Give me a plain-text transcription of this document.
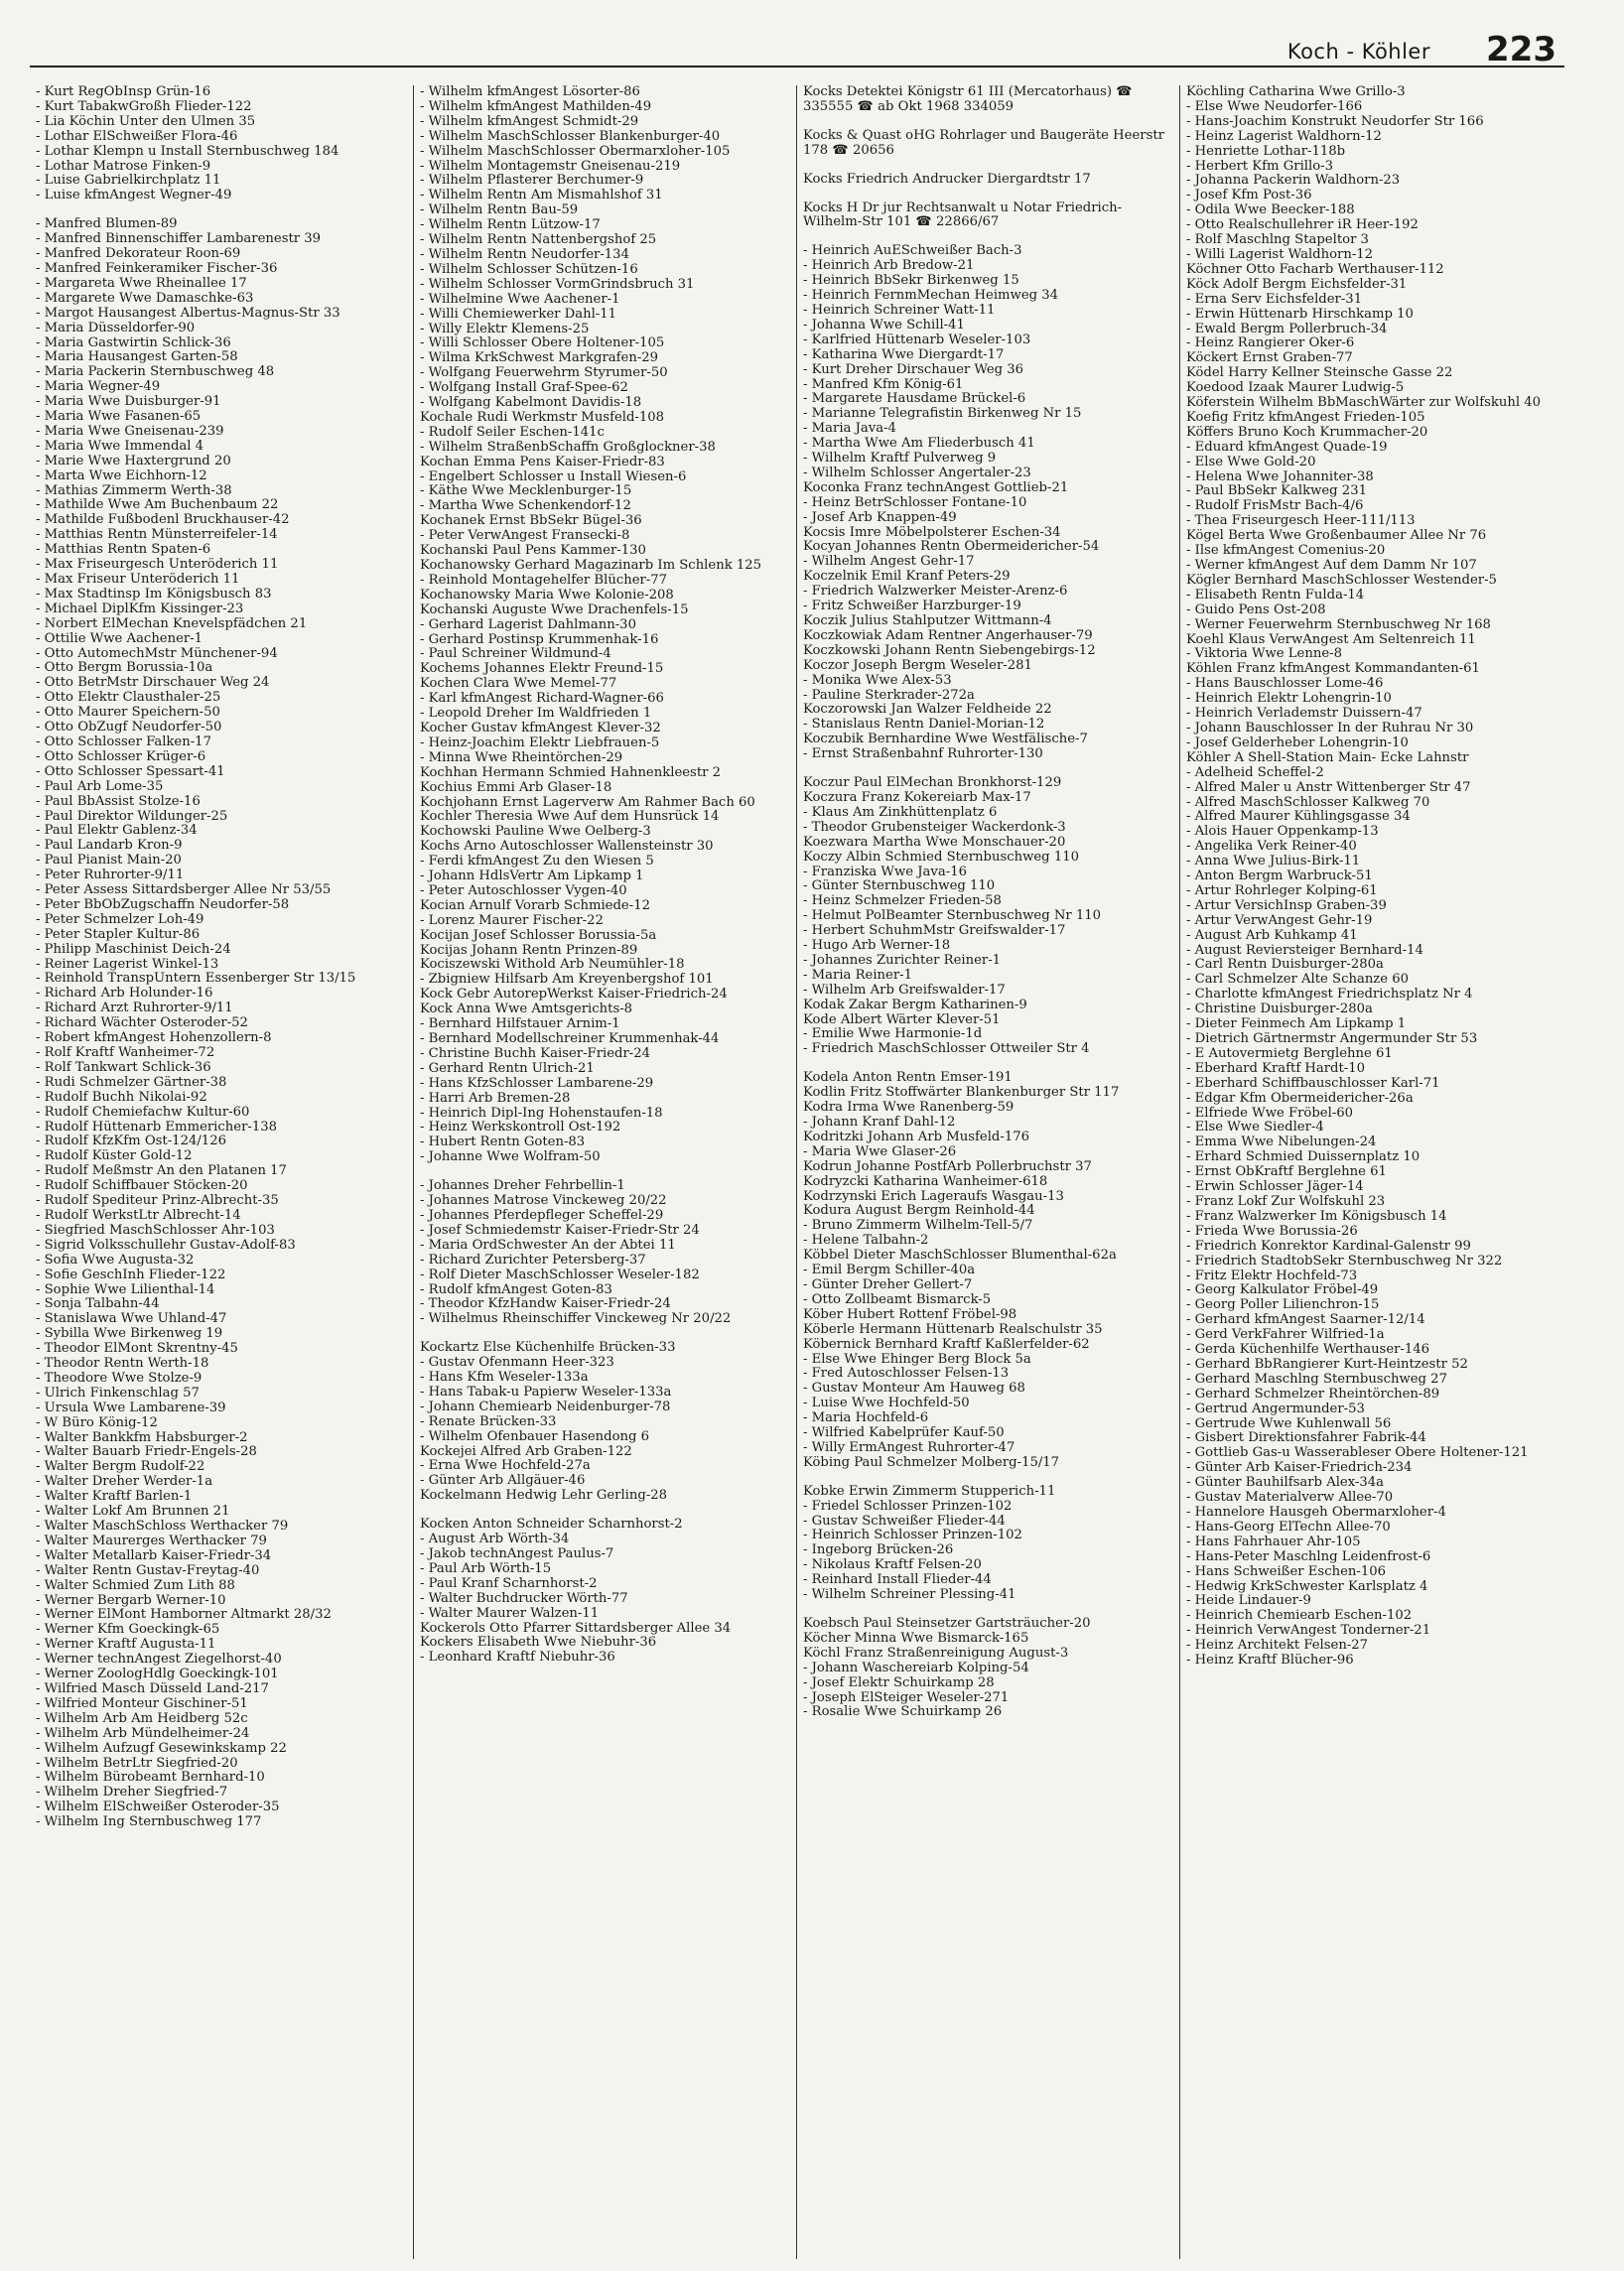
Koch - Köhler 223
- Kurt RegObInsp Grün-16
- Kurt TabakwGroßh Flieder-122
- Lia Köchin Unter den Ulmen 35
- Lothar ElSchweißer Flora-46
- Lothar Klempn u Install Sternbuschweg 184
- Lothar Matrose Finken-9
- Luise Gabrielkirchplatz 11
- Luise kfmAngest Wegner-49
- Manfred Blumen-89
- Manfred Binnenschiffer Lambarenestr 39
- Manfred Dekorateur Roon-69
- Manfred Feinkeramiker Fischer-36
- Margareta Wwe Rheinallee 17
- Margarete Wwe Damaschke-63
- Margot Hausangest Albertus-Magnus-Str 33
- Maria Düsseldorfer-90
- Maria Gastwirtin Schlick-36
- Maria Hausangest Garten-58
- Maria Packerin Sternbuschweg 48
- Maria Wegner-49
- Maria Wwe Duisburger-91
- Maria Wwe Fasanen-65
- Maria Wwe Gneisenau-239
- Maria Wwe Immendal 4
- Marie Wwe Haxtergrund 20
- Marta Wwe Eichhorn-12
- Mathias Zimmerm Werth-38
- Mathilde Wwe Am Buchenbaum 22
- Mathilde Fußbodenl Bruckhauser-42
- Matthias Rentn Münsterreifeler-14
- Matthias Rentn Spaten-6
- Max Friseurgesch Unteröderich 11
- Max Friseur Unteröderich 11
- Max Stadtinsp Im Königsbusch 83
- Michael DiplKfm Kissinger-23
- Norbert ElMechan Knevelspfädchen 21
- Ottilie Wwe Aachener-1
- Otto AutomechMstr Münchener-94
- Otto Bergm Borussia-10a
- Otto BetrMstr Dirschauer Weg 24
- Otto Elektr Clausthaler-25
- Otto Maurer Speichern-50
- Otto ObZugf Neudorfer-50
- Otto Schlosser Falken-17
- Otto Schlosser Krüger-6
- Otto Schlosser Spessart-41
- Paul Arb Lome-35
- Paul BbAssist Stolze-16
- Paul Direktor Wildunger-25
- Paul Elektr Gablenz-34
- Paul Landarb Kron-9
- Paul Pianist Main-20
- Peter Ruhrorter-9/11
- Peter Assess Sittardsberger Allee Nr 53/55
- Peter BbObZugschaffn Neudorfer-58
- Peter Schmelzer Loh-49
- Peter Stapler Kultur-86
- Philipp Maschinist Deich-24
- Reiner Lagerist Winkel-13
- Reinhold TranspUntern Essenberger Str 13/15
- Richard Arb Holunder-16
- Richard Arzt Ruhrorter-9/11
- Richard Wächter Osteroder-52
- Robert kfmAngest Hohenzollern-8
- Rolf Kraftf Wanheimer-72
- Rolf Tankwart Schlick-36
- Rudi Schmelzer Gärtner-38
- Rudolf Buchh Nikolai-92
- Rudolf Chemiefachw Kultur-60
- Rudolf Hüttenarb Emmericher-138
- Rudolf KfzKfm Ost-124/126
- Rudolf Küster Gold-12
- Rudolf Meßmstr An den Platanen 17
- Rudolf Schiffbauer Stöcken-20
- Rudolf Spediteur Prinz-Albrecht-35
- Rudolf WerkstLtr Albrecht-14
- Siegfried MaschSchlosser Ahr-103
- Sigrid Volksschullehr Gustav-Adolf-83
- Sofia Wwe Augusta-32
- Sofie GeschInh Flieder-122
- Sophie Wwe Lilienthal-14
- Sonja Talbahn-44
- Stanislawa Wwe Uhland-47
- Sybilla Wwe Birkenweg 19
- Theodor ElMont Skrentny-45
- Theodor Rentn Werth-18
- Theodore Wwe Stolze-9
- Ulrich Finkenschlag 57
- Ursula Wwe Lambarene-39
- W Büro König-12
- Walter Bankkfm Habsburger-2
- Walter Bauarb Friedr-Engels-28
- Walter Bergm Rudolf-22
- Walter Dreher Werder-1a
- Walter Kraftf Barlen-1
- Walter Lokf Am Brunnen 21
- Walter MaschSchloss Werthacker 79
- Walter Maurerges Werthacker 79
- Walter Metallarb Kaiser-Friedr-34
- Walter Rentn Gustav-Freytag-40
- Walter Schmied Zum Lith 88
- Werner Bergarb Werner-10
- Werner ElMont Hamborner Altmarkt 28/32
- Werner Kfm Goeckingk-65
- Werner Kraftf Augusta-11
- Werner technAngest Ziegelhorst-40
- Werner ZoologHdlg Goeckingk-101
- Wilfried Masch Düsseld Land-217
- Wilfried Monteur Gischiner-51
- Wilhelm Arb Am Heidberg 52c
- Wilhelm Arb Mündelheimer-24
- Wilhelm Aufzugf Gesewinkskamp 22
- Wilhelm BetrLtr Siegfried-20
- Wilhelm Bürobeamt Bernhard-10
- Wilhelm Dreher Siegfried-7
- Wilhelm ElSchweißer Osteroder-35
- Wilhelm Ing Sternbuschweg 177
- Wilhelm kfmAngest Lösorter-86
- Wilhelm kfmAngest Mathilden-49
- Wilhelm kfmAngest Schmidt-29
- Wilhelm MaschSchlosser Blankenburger-40
- Wilhelm MaschSchlosser Obermarxloher-105
- Wilhelm Montagemstr Gneisenau-219
- Wilhelm Pflasterer Berchumer-9
- Wilhelm Rentn Am Mismahlshof 31
- Wilhelm Rentn Bau-59
- Wilhelm Rentn Lützow-17
- Wilhelm Rentn Nattenbergshof 25
- Wilhelm Rentn Neudorfer-134
- Wilhelm Schlosser Schützen-16
- Wilhelm Schlosser VormGrindsbruch 31
- Wilhelmine Wwe Aachener-1
- Willi Chemiewerker Dahl-11
- Willy Elektr Klemens-25
- Willi Schlosser Obere Holtener-105
- Wilma KrkSchwest Markgrafen-29
- Wolfgang Feuerwehrm Styrumer-50
- Wolfgang Install Graf-Spee-62
- Wolfgang Kabelmont Davidis-18
Kochale Rudi Werkmstr Musfeld-108
- Rudolf Seiler Eschen-141c
- Wilhelm StraßenbSchaffn Großglockner-38
Kochan Emma Pens Kaiser-Friedr-83
- Engelbert Schlosser u Install Wiesen-6
- Käthe Wwe Mecklenburger-15
- Martha Wwe Schenkendorf-12
Kochanek Ernst BbSekr Bügel-36
- Peter VerwAngest Fransecki-8
Kochanski Paul Pens Kammer-130
Kochanowsky Gerhard Magazinarb Im Schlenk 125
- Reinhold Montagehelfer Blücher-77
Kochanowsky Maria Wwe Kolonie-208
Kochanski Auguste Wwe Drachenfels-15
- Gerhard Lagerist Dahlmann-30
- Gerhard Postinsp Krummenhak-16
- Paul Schreiner Wildmund-4
Kochems Johannes Elektr Freund-15
Kochen Clara Wwe Memel-77
- Karl kfmAngest Richard-Wagner-66
- Leopold Dreher Im Waldfrieden 1
Kocher Gustav kfmAngest Klever-32
- Heinz-Joachim Elektr Liebfrauen-5
- Minna Wwe Rheintörchen-29
Kochhan Hermann Schmied Hahnenkleestr 2
Kochius Emmi Arb Glaser-18
Kochjohann Ernst Lagerverw Am Rahmer Bach 60
Kochler Theresia Wwe Auf dem Hunsrück 14
Kochowski Pauline Wwe Oelberg-3
Kochs Arno Autoschlosser Wallensteinstr 30
- Ferdi kfmAngest Zu den Wiesen 5
- Johann HdlsVertr Am Lipkamp 1
- Peter Autoschlosser Vygen-40
Kocian Arnulf Vorarb Schmiede-12
- Lorenz Maurer Fischer-22
Kocijan Josef Schlosser Borussia-5a
Kocijas Johann Rentn Prinzen-89
Kociszewski Withold Arb Neumühler-18
- Zbigniew Hilfsarb Am Kreyenbergshof 101
Kock Gebr AutorepWerkst Kaiser-Friedrich-24
Kock Anna Wwe Amtsgerichts-8
- Bernhard Hilfstauer Arnim-1
- Bernhard Modellschreiner Krummenhak-44
- Christine Buchh Kaiser-Friedr-24
- Gerhard Rentn Ulrich-21
- Hans KfzSchlosser Lambarene-29
- Harri Arb Bremen-28
- Heinrich Dipl-Ing Hohenstaufen-18
- Heinz Werkskontroll Ost-192
- Hubert Rentn Goten-83
- Johanne Wwe Wolfram-50
- Johannes Dreher Fehrbellin-1
- Johannes Matrose Vinckeweg 20/22
- Johannes Pferdepfleger Scheffel-29
- Josef Schmiedemstr Kaiser-Friedr-Str 24
- Maria OrdSchwester An der Abtei 11
- Richard Zurichter Petersberg-37
- Rolf Dieter MaschSchlosser Weseler-182
- Rudolf kfmAngest Goten-83
- Theodor KfzHandw Kaiser-Friedr-24
- Wilhelmus Rheinschiffer Vinckeweg Nr 20/22
Kockartz Else Küchenhilfe Brücken-33
- Gustav Ofenmann Heer-323
- Hans Kfm Weseler-133a
- Hans Tabak-u Papierw Weseler-133a
- Johann Chemiearb Neidenburger-78
- Renate Brücken-33
- Wilhelm Ofenbauer Hasendong 6
Kockejei Alfred Arb Graben-122
- Erna Wwe Hochfeld-27a
- Günter Arb Allgäuer-46
Kockelmann Hedwig Lehr Gerling-28
Kocken Anton Schneider Scharnhorst-2
- August Arb Wörth-34
- Jakob technAngest Paulus-7
- Paul Arb Wörth-15
- Paul Kranf Scharnhorst-2
- Walter Buchdrucker Wörth-77
- Walter Maurer Walzen-11
Kockerols Otto Pfarrer Sittardsberger Allee 34
Kockers Elisabeth Wwe Niebuhr-36
- Leonhard Kraftf Niebuhr-36
Kocks Detektei Königstr 61 III (Mercatorhaus) ☎ 335555 ☎ ab Okt 1968 334059
Kocks & Quast oHG Rohrlager und Baugeräte Heerstr 178 ☎ 20656
Kocks Friedrich Andrucker Diergardtstr 17
Kocks H Dr jur Rechtsanwalt u Notar Friedrich-Wilhelm-Str 101 ☎ 22866/67
- Heinrich AuESchweißer Bach-3
- Heinrich Arb Bredow-21
- Heinrich BbSekr Birkenweg 15
- Heinrich FernmMechan Heimweg 34
- Heinrich Schreiner Watt-11
- Johanna Wwe Schill-41
- Karlfried Hüttenarb Weseler-103
- Katharina Wwe Diergardt-17
- Kurt Dreher Dirschauer Weg 36
- Manfred Kfm König-61
- Margarete Hausdame Brückel-6
- Marianne Telegrafistin Birkenweg Nr 15
- Maria Java-4
- Martha Wwe Am Fliederbusch 41
- Wilhelm Kraftf Pulverweg 9
- Wilhelm Schlosser Angertaler-23
Koconka Franz technAngest Gottlieb-21
- Heinz BetrSchlosser Fontane-10
- Josef Arb Knappen-49
Kocsis Imre Möbelpolsterer Eschen-34
Kocyan Johannes Rentn Obermeidericher-54
- Wilhelm Angest Gehr-17
Koczelnik Emil Kranf Peters-29
- Friedrich Walzwerker Meister-Arenz-6
- Fritz Schweißer Harzburger-19
Koczik Julius Stahlputzer Wittmann-4
Koczkowiak Adam Rentner Angerhauser-79
Koczkowski Johann Rentn Siebengebirgs-12
Koczor Joseph Bergm Weseler-281
- Monika Wwe Alex-53
- Pauline Sterkrader-272a
Koczorowski Jan Walzer Feldheide 22
- Stanislaus Rentn Daniel-Morian-12
Koczubik Bernhardine Wwe Westfälische-7
- Ernst Straßenbahnf Ruhrorter-130
Koczur Paul ElMechan Bronkhorst-129
Koczura Franz Kokereiarb Max-17
- Klaus Am Zinkhüttenplatz 6
- Theodor Grubensteiger Wackerdonk-3
Koezwara Martha Wwe Monschauer-20
Koczy Albin Schmied Sternbuschweg 110
- Franziska Wwe Java-16
- Günter Sternbuschweg 110
- Heinz Schmelzer Frieden-58
- Helmut PolBeamter Sternbuschweg Nr 110
- Herbert SchuhmMstr Greifswalder-17
- Hugo Arb Werner-18
- Johannes Zurichter Reiner-1
- Maria Reiner-1
- Wilhelm Arb Greifswalder-17
Kodak Zakar Bergm Katharinen-9
Kode Albert Wärter Klever-51
- Emilie Wwe Harmonie-1d
- Friedrich MaschSchlosser Ottweiler Str 4
Kodela Anton Rentn Emser-191
Kodlin Fritz Stoffwärter Blankenburger Str 117
Kodra Irma Wwe Ranenberg-59
- Johann Kranf Dahl-12
Kodritzki Johann Arb Musfeld-176
- Maria Wwe Glaser-26
Kodrun Johanne PostfArb Pollerbruchstr 37
Kodryzcki Katharina Wanheimer-618
Kodrzynski Erich Lageraufs Wasgau-13
Kodura August Bergm Reinhold-44
- Bruno Zimmerm Wilhelm-Tell-5/7
- Helene Talbahn-2
Köbbel Dieter MaschSchlosser Blumenthal-62a
- Emil Bergm Schiller-40a
- Günter Dreher Gellert-7
- Otto Zollbeamt Bismarck-5
Köber Hubert Rottenf Fröbel-98
Köberle Hermann Hüttenarb Realschulstr 35
Köbernick Bernhard Kraftf Kaßlerfelder-62
- Else Wwe Ehinger Berg Block 5a
- Fred Autoschlosser Felsen-13
- Gustav Monteur Am Hauweg 68
- Luise Wwe Hochfeld-50
- Maria Hochfeld-6
- Wilfried Kabelprüfer Kauf-50
- Willy ErmAngest Ruhrorter-47
Köbing Paul Schmelzer Molberg-15/17
Kobke Erwin Zimmerm Stupperich-11
- Friedel Schlosser Prinzen-102
- Gustav Schweißer Flieder-44
- Heinrich Schlosser Prinzen-102
- Ingeborg Brücken-26
- Nikolaus Kraftf Felsen-20
- Reinhard Install Flieder-44
- Wilhelm Schreiner Plessing-41
Koebsch Paul Steinsetzer Gartsträucher-20
Köcher Minna Wwe Bismarck-165
Köchl Franz Straßenreinigung August-3
- Johann Waschereiarb Kolping-54
- Josef Elektr Schuirkamp 28
- Joseph ElSteiger Weseler-271
- Rosalie Wwe Schuirkamp 26
Köchling Catharina Wwe Grillo-3
- Else Wwe Neudorfer-166
- Hans-Joachim Konstrukt Neudorfer Str 166
- Heinz Lagerist Waldhorn-12
- Henriette Lothar-118b
- Herbert Kfm Grillo-3
- Johanna Packerin Waldhorn-23
- Josef Kfm Post-36
- Odila Wwe Beecker-188
- Otto Realschullehrer iR Heer-192
- Rolf Maschlng Stapeltor 3
- Willi Lagerist Waldhorn-12
Köchner Otto Facharb Werthauser-112
Köck Adolf Bergm Eichsfelder-31
- Erna Serv Eichsfelder-31
- Erwin Hüttenarb Hirschkamp 10
- Ewald Bergm Pollerbruch-34
- Heinz Rangierer Oker-6
Köckert Ernst Graben-77
Ködel Harry Kellner Steinsche Gasse 22
Koedood Izaak Maurer Ludwig-5
Köferstein Wilhelm BbMaschWärter zur Wolfskuhl 40
Koefig Fritz kfmAngest Frieden-105
Köffers Bruno Koch Krummacher-20
- Eduard kfmAngest Quade-19
- Else Wwe Gold-20
- Helena Wwe Johanniter-38
- Paul BbSekr Kalkweg 231
- Rudolf FrisMstr Bach-4/6
- Thea Friseurgesch Heer-111/113
Kögel Berta Wwe Großenbaumer Allee Nr 76
- Ilse kfmAngest Comenius-20
- Werner kfmAngest Auf dem Damm Nr 107
Kögler Bernhard MaschSchlosser Westender-5
- Elisabeth Rentn Fulda-14
- Guido Pens Ost-208
- Werner Feuerwehrm Sternbuschweg Nr 168
Koehl Klaus VerwAngest Am Seltenreich 11
- Viktoria Wwe Lenne-8
Köhlen Franz kfmAngest Kommandanten-61
- Hans Bauschlosser Lome-46
- Heinrich Elektr Lohengrin-10
- Heinrich Verlademstr Duissern-47
- Johann Bauschlosser In der Ruhrau Nr 30
- Josef Gelderheber Lohengrin-10
Köhler A Shell-Station Main- Ecke Lahnstr
- Adelheid Scheffel-2
- Alfred Maler u Anstr Wittenberger Str 47
- Alfred MaschSchlosser Kalkweg 70
- Alfred Maurer Kühlingsgasse 34
- Alois Hauer Oppenkamp-13
- Angelika Verk Reiner-40
- Anna Wwe Julius-Birk-11
- Anton Bergm Warbruck-51
- Artur Rohrleger Kolping-61
- Artur VersichInsp Graben-39
- Artur VerwAngest Gehr-19
- August Arb Kuhkamp 41
- August Reviersteiger Bernhard-14
- Carl Rentn Duisburger-280a
- Carl Schmelzer Alte Schanze 60
- Charlotte kfmAngest Friedrichsplatz Nr 4
- Christine Duisburger-280a
- Dieter Feinmech Am Lipkamp 1
- Dietrich Gärtnermstr Angermunder Str 53
- E Autovermietg Berglehne 61
- Eberhard Kraftf Hardt-10
- Eberhard Schiffbauschlosser Karl-71
- Edgar Kfm Obermeidericher-26a
- Elfriede Wwe Fröbel-60
- Else Wwe Siedler-4
- Emma Wwe Nibelungen-24
- Erhard Schmied Duissernplatz 10
- Ernst ObKraftf Berglehne 61
- Erwin Schlosser Jäger-14
- Franz Lokf Zur Wolfskuhl 23
- Franz Walzwerker Im Königsbusch 14
- Frieda Wwe Borussia-26
- Friedrich Konrektor Kardinal-Galenstr 99
- Friedrich StadtobSekr Sternbuschweg Nr 322
- Fritz Elektr Hochfeld-73
- Georg Kalkulator Fröbel-49
- Georg Poller Lilienchron-15
- Gerhard kfmAngest Saarner-12/14
- Gerd VerkFahrer Wilfried-1a
- Gerda Küchenhilfe Werthauser-146
- Gerhard BbRangierer Kurt-Heintzestr 52
- Gerhard Maschlng Sternbuschweg 27
- Gerhard Schmelzer Rheintörchen-89
- Gertrud Angermunder-53
- Gertrude Wwe Kuhlenwall 56
- Gisbert Direktionsfahrer Fabrik-44
- Gottlieb Gas-u Wasserableser Obere Holtener-121
- Günter Arb Kaiser-Friedrich-234
- Günter Bauhilfsarb Alex-34a
- Gustav Materialverw Allee-70
- Hannelore Hausgeh Obermarxloher-4
- Hans-Georg ElTechn Allee-70
- Hans Fahrhauer Ahr-105
- Hans-Peter Maschlng Leidenfrost-6
- Hans Schweißer Eschen-106
- Hedwig KrkSchwester Karlsplatz 4
- Heide Lindauer-9
- Heinrich Chemiearb Eschen-102
- Heinrich VerwAngest Tonderner-21
- Heinz Architekt Felsen-27
- Heinz Kraftf Blücher-96
